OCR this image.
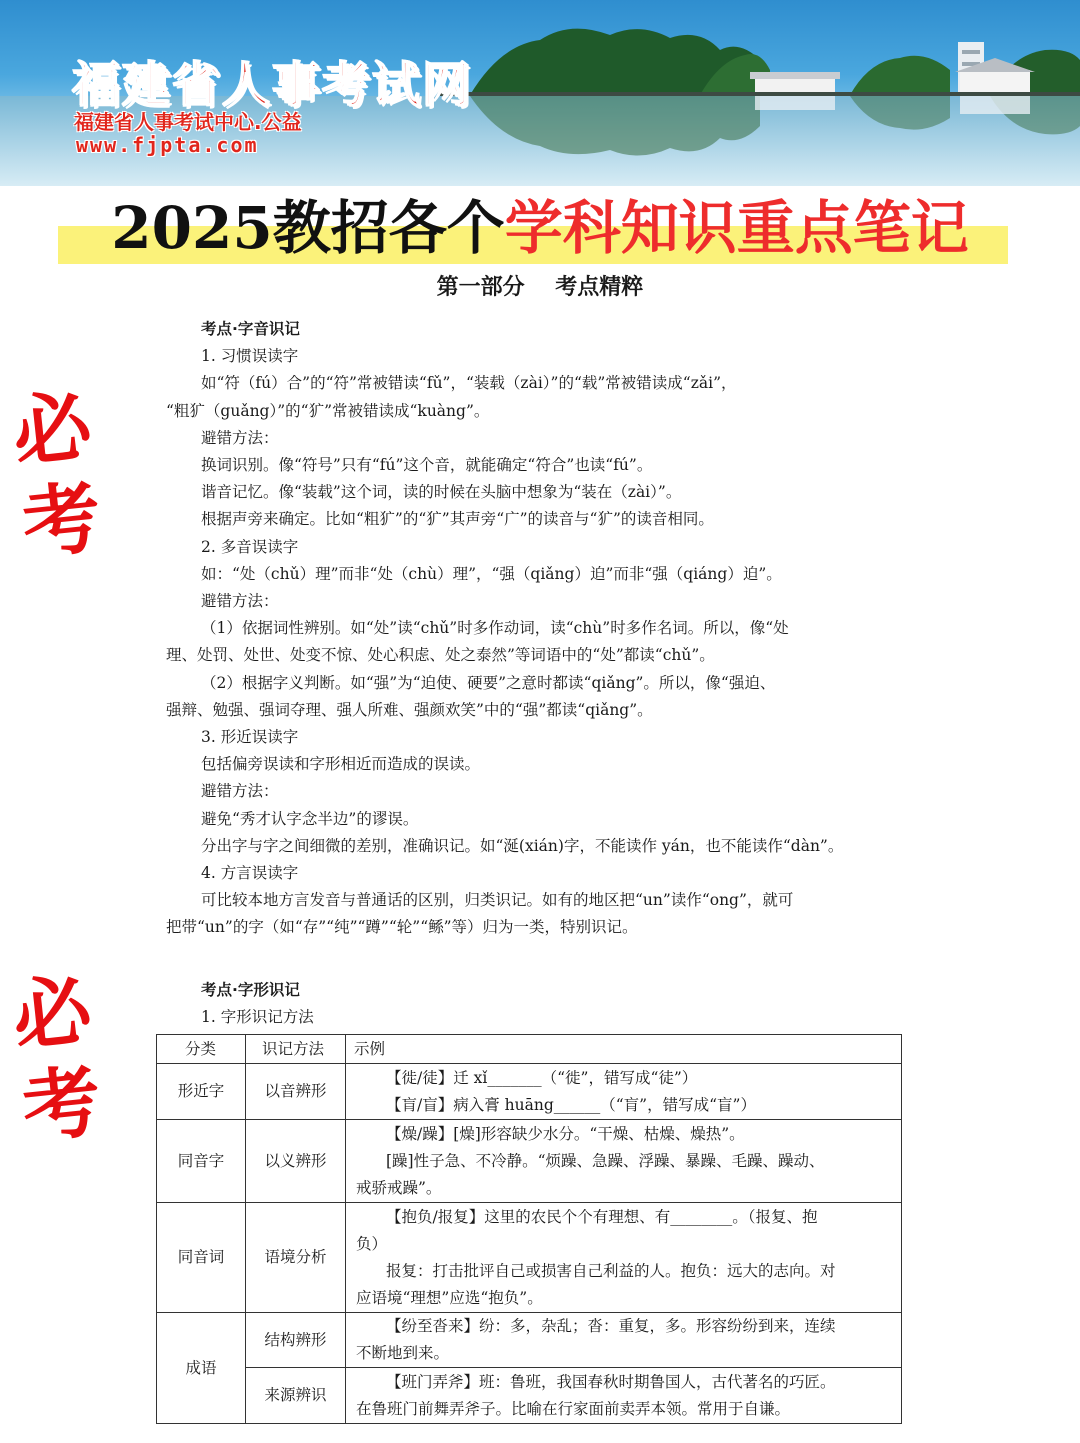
福建省人事考试网
福建省人事考试中心.公益
www.fjpta.com
2025教招各个学科知识重点笔记
第一部分    考点精粹
必
考
必
考

考点·字音识记

1. 习惯误读字

如“符（fú）合”的“符”常被错读“fǔ”，“装载（zài）”的“载”常被错读成“zǎi”，

“粗犷（guǎng）”的“犷”常被错读成“kuàng”。

避错方法：

换词识别。像“符号”只有“fú”这个音，就能确定“符合”也读“fú”。

谐音记忆。像“装载”这个词，读的时候在头脑中想象为“装在（zài）”。

根据声旁来确定。比如“粗犷”的“犷”其声旁“广”的读音与“犷”的读音相同。

2. 多音误读字

如：“处（chǔ）理”而非“处（chù）理”，“强（qiǎng）迫”而非“强（qiáng）迫”。

避错方法：

（1）依据词性辨别。如“处”读“chǔ”时多作动词，读“chù”时多作名词。所以，像“处

理、处罚、处世、处变不惊、处心积虑、处之泰然”等词语中的“处”都读“chǔ”。

（2）根据字义判断。如“强”为“迫使、硬要”之意时都读“qiǎng”。所以，像“强迫、

强辩、勉强、强词夺理、强人所难、强颜欢笑”中的“强”都读“qiǎng”。

3. 形近误读字

包括偏旁误读和字形相近而造成的误读。

避错方法：

避免“秀才认字念半边”的谬误。

分出字与字之间细微的差别，准确识记。如“涎(xián)字，不能读作 yán，也不能读作“dàn”。

4. 方言误读字

可比较本地方言发音与普通话的区别，归类识记。如有的地区把“un”读作“ong”，就可

把带“un”的字（如“存”“纯”“蹲”“轮”“鲧”等）归为一类，特别识记。

考点·字形识记

1. 字形识记方法

分类	识记方法	示例
形近字	以音辨形	【徙/徒】迁 xǐ_______（“徙”，错写成“徒”）
【肓/盲】病入膏 huāng______（“肓”，错写成“盲”）

同音字	以义辨形	【燥/躁】[燥]形容缺少水分。“干燥、枯燥、燥热”。
[躁]性子急、不冷静。“烦躁、急躁、浮躁、暴躁、毛躁、躁动、
戒骄戒躁”。

同音词	语境分析	【抱负/报复】这里的农民个个有理想、有________。（报复、抱
负）
报复：打击批评自己或损害自己利益的人。抱负：远大的志向。对
应语境“理想”应选“抱负”。

成语	结构辨形	【纷至沓来】纷：多，杂乱；沓：重复，多。形容纷纷到来，连续
不断地到来。

	来源辨识	【班门弄斧】班：鲁班，我国春秋时期鲁国人，古代著名的巧匠。
在鲁班门前舞弄斧子。比喻在行家面前卖弄本领。常用于自谦。
